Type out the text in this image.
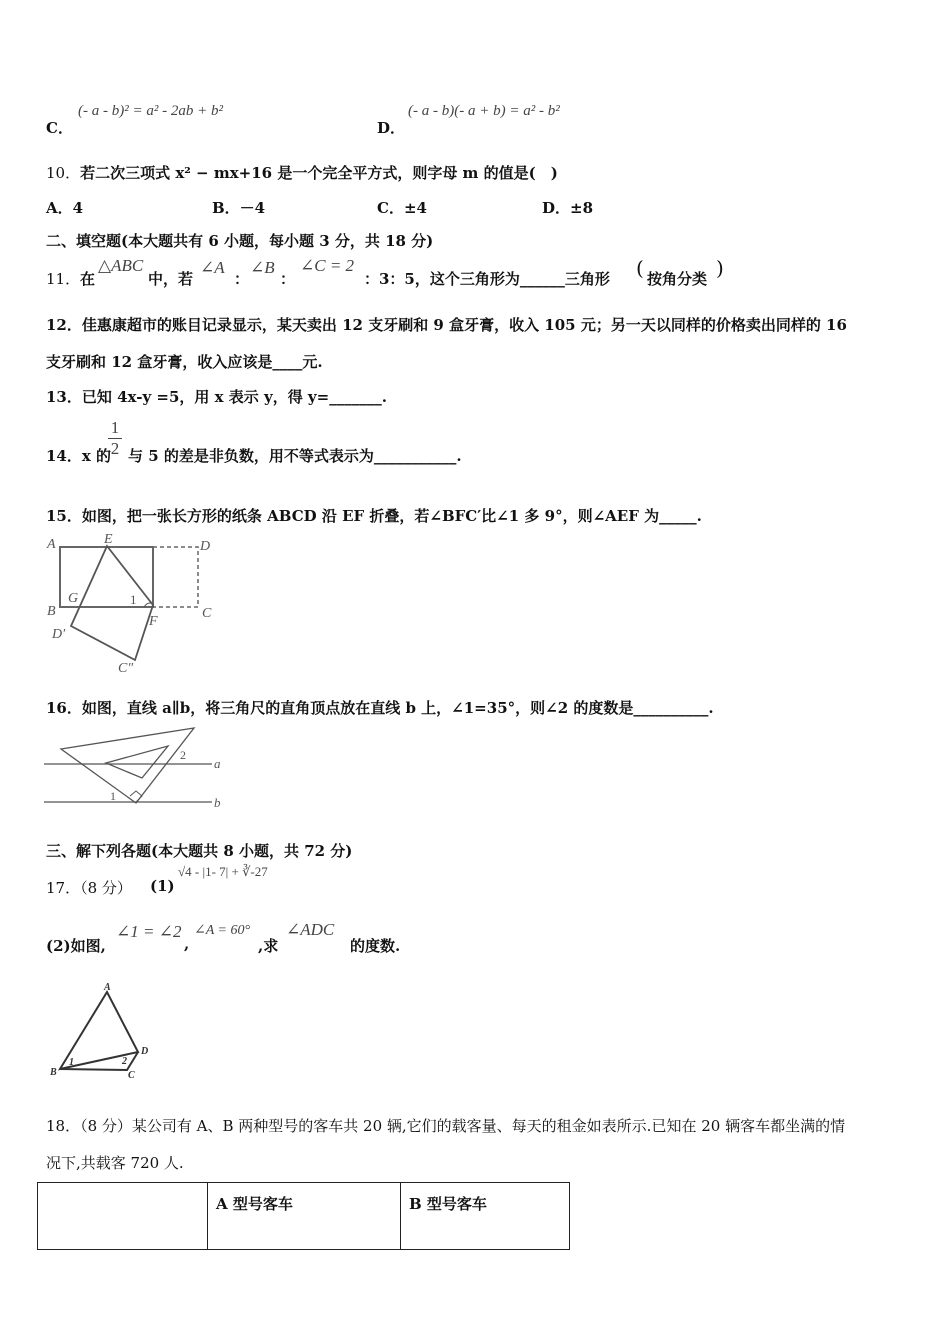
C．
(- a - b)² = a² - 2ab + b²
D．
(- a - b)(- a + b) = a² - b²
10．若二次三项式 x² − mx+16 是一个完全平方式，则字母 m 的值是(　)
A．4	B．－4	C．±4	D．±8
二、填空题(本大题共有 6 小题，每小题 3 分，共 18 分)
11． 在
△ABC
中，若
∠A
：
∠B
：
∠C = 2
：3：5，这个三角形为______三角形 ( 按角分类 )
12．佳惠康超市的账目记录显示，某天卖出 12 支牙刷和 9 盒牙膏，收入 105 元；另一天以同样的价格卖出同样的 16
支牙刷和 12 盒牙膏，收入应该是____元.
13．已知 4x-y =5，用 x 表示 y，得 y=_______.
14．x 的
$\frac{1}{2}$ 与 5 的差是非负数，用不等式表示为___________.
15．如图，把一张长方形的纸条 ABCD 沿 EF 折叠，若∠BFC′比∠1 多 9°，则∠AEF 为_____.
A	E	D
B
G	1
C
D′
F
C″
16．如图，直线 a∥b，将三角尺的直角顶点放在直线 b 上，∠1=35°，则∠2 的度数是__________.
2
a
1	b
三、解下列各题(本大题共 8 小题，共 72 分)
17．（8 分） (1)
√4 - |1- 7| + ∛-27
(2)如图,
∠1 = ∠2
,
∠A = 60°
,求
∠ADC
的度数.
A
B
1	2
D
C
18．（8 分）某公司有 A、B 两种型号的客车共 20 辆,它们的载客量、每天的租金如表所示.已知在 20 辆客车都坐满的情
况下,共载客 720 人.
	A 型号客车	B 型号客车
